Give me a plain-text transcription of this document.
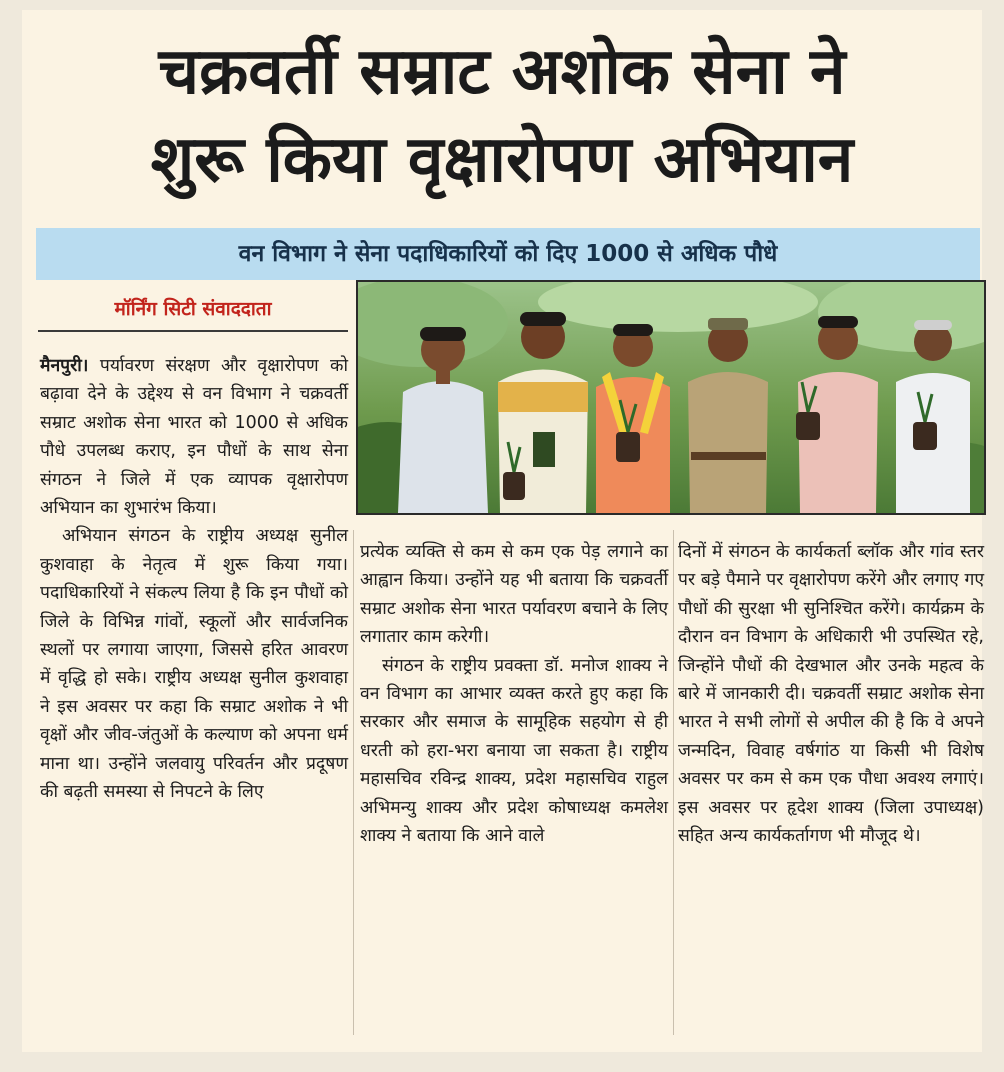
चक्रवर्ती सम्राट अशोक सेना ने
शुरू किया वृक्षारोपण अभियान
वन विभाग ने सेना पदाधिकारियों को दिए 1000 से अधिक पौधे
मॉर्निंग सिटी संवाददाता

मैनपुरी। पर्यावरण संरक्षण और वृक्षारोपण को बढ़ावा देने के उद्देश्य से वन विभाग ने चक्रवर्ती सम्राट अशोक सेना भारत को 1000 से अधिक पौधे उपलब्ध कराए, इन पौधों के साथ सेना संगठन ने जिले में एक व्यापक वृक्षारोपण अभियान का शुभारंभ किया।

अभियान संगठन के राष्ट्रीय अध्यक्ष सुनील कुशवाहा के नेतृत्व में शुरू किया गया। पदाधिकारियों ने संकल्प लिया है कि इन पौधों को जिले के विभिन्न गांवों, स्कूलों और सार्वजनिक स्थलों पर लगाया जाएगा, जिससे हरित आवरण में वृद्धि हो सके। राष्ट्रीय अध्यक्ष सुनील कुशवाहा ने इस अवसर पर कहा कि सम्राट अशोक ने भी वृक्षों और जीव-जंतुओं के कल्याण को अपना धर्म माना था। उन्होंने जलवायु परिवर्तन और प्रदूषण की बढ़ती समस्या से निपटने के लिए

प्रत्येक व्यक्ति से कम से कम एक पेड़ लगाने का आह्वान किया। उन्होंने यह भी बताया कि चक्रवर्ती सम्राट अशोक सेना भारत पर्यावरण बचाने के लिए लगातार काम करेगी।

संगठन के राष्ट्रीय प्रवक्ता डॉ. मनोज शाक्य ने वन विभाग का आभार व्यक्त करते हुए कहा कि सरकार और समाज के सामूहिक सहयोग से ही धरती को हरा-भरा बनाया जा सकता है। राष्ट्रीय महासचिव रविन्द्र शाक्य, प्रदेश महासचिव राहुल अभिमन्यु शाक्य और प्रदेश कोषाध्यक्ष कमलेश शाक्य ने बताया कि आने वाले

दिनों में संगठन के कार्यकर्ता ब्लॉक और गांव स्तर पर बड़े पैमाने पर वृक्षारोपण करेंगे और लगाए गए पौधों की सुरक्षा भी सुनिश्चित करेंगे। कार्यक्रम के दौरान वन विभाग के अधिकारी भी उपस्थित रहे, जिन्होंने पौधों की देखभाल और उनके महत्व के बारे में जानकारी दी। चक्रवर्ती सम्राट अशोक सेना भारत ने सभी लोगों से अपील की है कि वे अपने जन्मदिन, विवाह वर्षगांठ या किसी भी विशेष अवसर पर कम से कम एक पौधा अवश्य लगाएं। इस अवसर पर हृदेश शाक्य (जिला उपाध्यक्ष) सहित अन्य कार्यकर्तागण भी मौजूद थे।
